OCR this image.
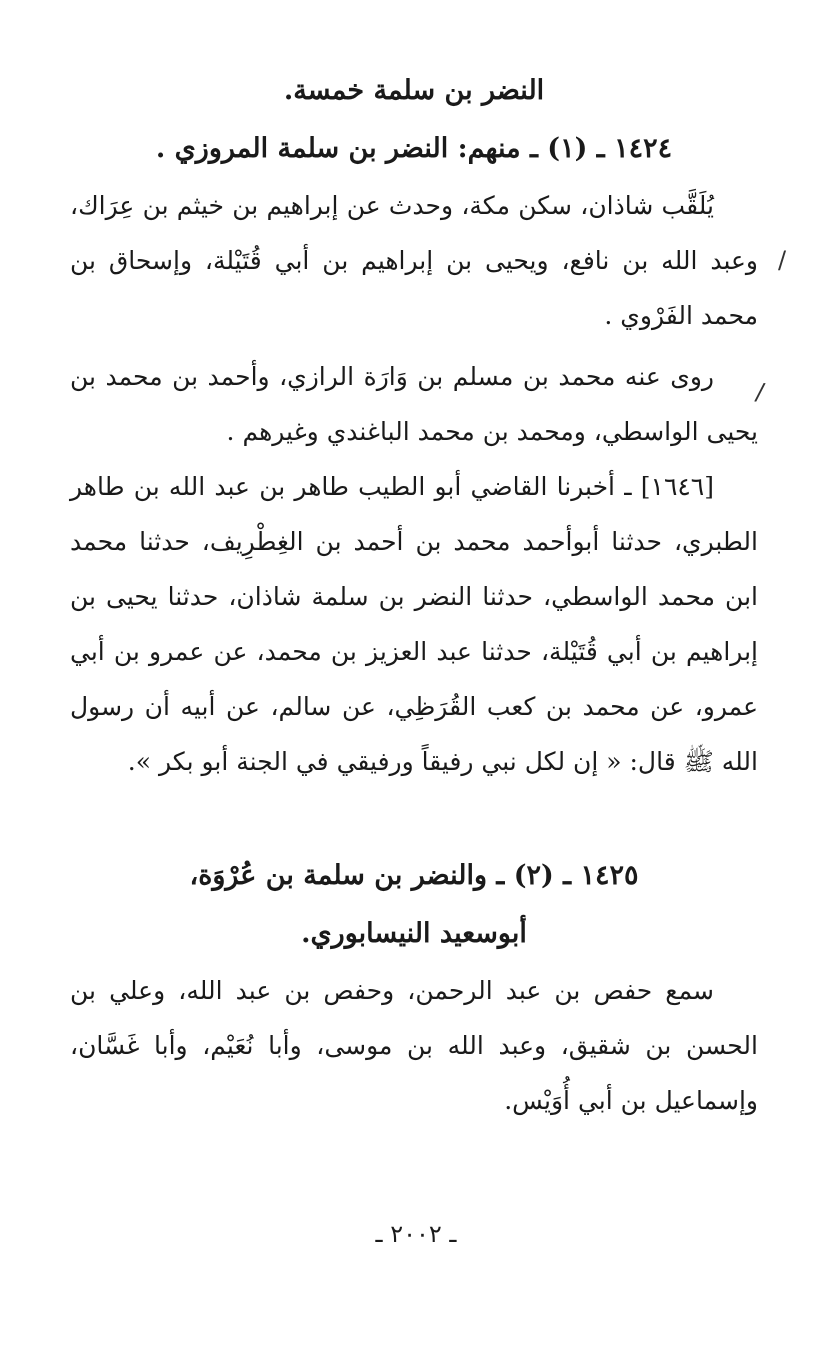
النضر بن سلمة خمسة.

١٤٢٤ ـ (١) ـ منهم: النضر بن سلمة المروزي .

يُلَقَّب شاذان، سكن مكة، وحدث عن إبراهيم بن خيثم بن عِرَاك، وعبد الله بن نافع، ويحيى بن إبراهيم بن أبي قُتَيْلة، وإسحاق بن محمد الفَرْوي .

روى عنه محمد بن مسلم بن وَارَة الرازي، وأحمد بن محمد بن يحيى الواسطي، ومحمد بن محمد الباغندي وغيرهم .

[١٦٤٦] ـ أخبرنا القاضي أبو الطيب طاهر بن عبد الله بن طاهر الطبري، حدثنا أبوأحمد محمد بن أحمد بن الغِطْرِيف، حدثنا محمد ابن محمد الواسطي، حدثنا النضر بن سلمة شاذان، حدثنا يحيى بن إبراهيم بن أبي قُتَيْلة، حدثنا عبد العزيز بن محمد، عن عمرو بن أبي عمرو، عن محمد بن كعب القُرَظِي، عن سالم، عن أبيه أن رسول الله ﷺ قال: « إن لكل نبي رفيقاً ورفيقي في الجنة أبو بكر ».

١٤٢٥ ـ (٢) ـ والنضر بن سلمة بن عُرْوَة،

أبوسعيد النيسابوري.

سمع حفص بن عبد الرحمن، وحفص بن عبد الله، وعلي بن الحسن بن شقيق، وعبد الله بن موسى، وأبا نُعَيْم، وأبا غَسَّان، وإسماعيل بن أبي أُوَيْس.

/
/
ـ ٢٠٠٢ ـ
